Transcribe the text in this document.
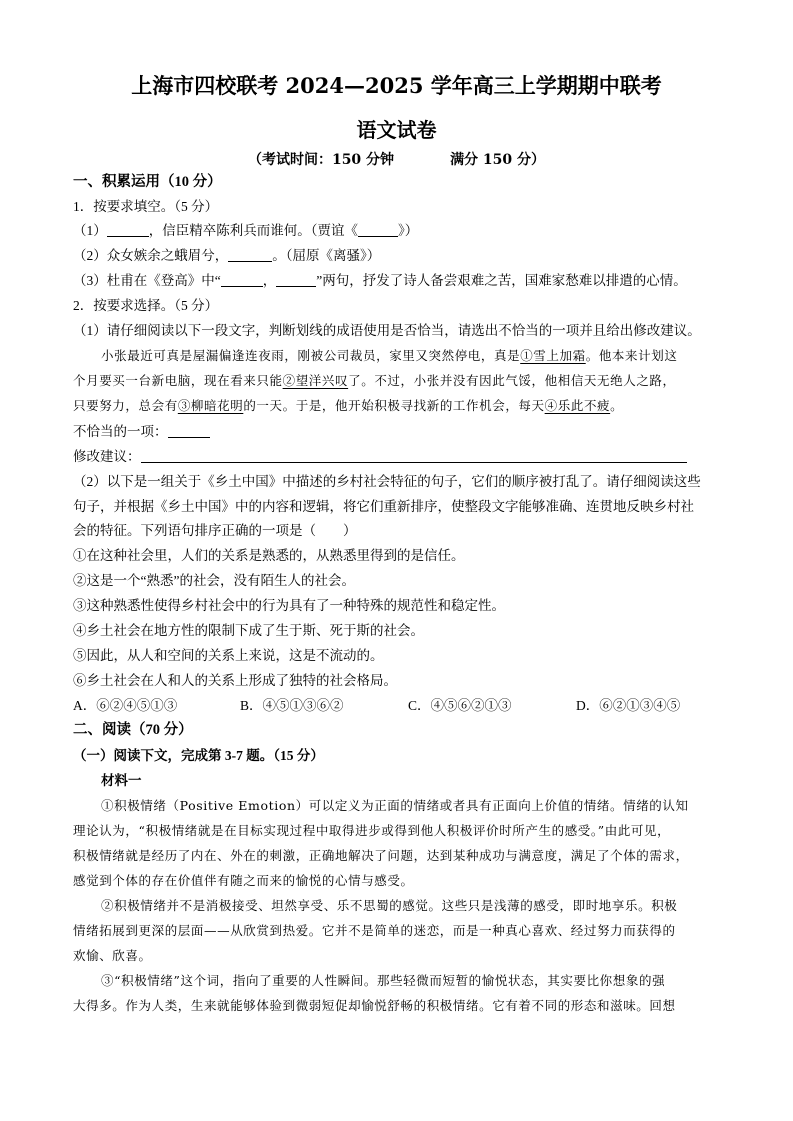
上海市四校联考 2024—2025 学年高三上学期期中联考
语文试卷
（考试时间：150 分钟	满分 150 分）
一、积累运用（10 分）
1．按要求填空。（5 分）
（1）	，信臣精卒陈利兵而谁何。（贾谊《	》）
（2）众女嫉余之蛾眉兮，	。（屈原《离骚》）
（3）杜甫在《登高》中“	，	”两句，抒发了诗人备尝艰难之苦，国难家愁难以排遣的心情。
2．按要求选择。（5 分）
（1）请仔细阅读以下一段文字，判断划线的成语使用是否恰当，请选出不恰当的一项并且给出修改建议。
小张最近可真是屋漏偏逢连夜雨，刚被公司裁员，家里又突然停电，真是①雪上加霜。他本来计划这
个月要买一台新电脑，现在看来只能②望洋兴叹了。不过，小张并没有因此气馁，他相信天无绝人之路，
只要努力，总会有③柳暗花明的一天。于是，他开始积极寻找新的工作机会，每天④乐此不疲。
不恰当的一项：
修改建议：
（2）以下是一组关于《乡土中国》中描述的乡村社会特征的句子，它们的顺序被打乱了。请仔细阅读这些
句子，并根据《乡土中国》中的内容和逻辑，将它们重新排序，使整段文字能够准确、连贯地反映乡村社
会的特征。下列语句排序正确的一项是（　　）
①在这种社会里，人们的关系是熟悉的，从熟悉里得到的是信任。
②这是一个“熟悉”的社会，没有陌生人的社会。
③这种熟悉性使得乡村社会中的行为具有了一种特殊的规范性和稳定性。
④乡土社会在地方性的限制下成了生于斯、死于斯的社会。
⑤因此，从人和空间的关系上来说，这是不流动的。
⑥乡土社会在人和人的关系上形成了独特的社会格局。
A．⑥②④⑤①③	B．④⑤①③⑥②	C．④⑤⑥②①③	D．⑥②①③④⑤
二、阅读（70 分）
（一）阅读下文，完成第 3-7 题。（15 分）
材料一
①积极情绪（Positive Emotion）可以定义为正面的情绪或者具有正面向上价值的情绪。情绪的认知
理论认为，“积极情绪就是在目标实现过程中取得进步或得到他人积极评价时所产生的感受。”由此可见，
积极情绪就是经历了内在、外在的刺激，正确地解决了问题，达到某种成功与满意度，满足了个体的需求，
感觉到个体的存在价值伴有随之而来的愉悦的心情与感受。
②积极情绪并不是消极接受、坦然享受、乐不思蜀的感觉。这些只是浅薄的感受，即时地享乐。积极
情绪拓展到更深的层面——从欣赏到热爱。它并不是简单的迷恋，而是一种真心喜欢、经过努力而获得的
欢愉、欣喜。
③“积极情绪”这个词，指向了重要的人性瞬间。那些轻微而短暂的愉悦状态，其实要比你想象的强
大得多。作为人类，生来就能够体验到微弱短促却愉悦舒畅的积极情绪。它有着不同的形态和滋味。回想
